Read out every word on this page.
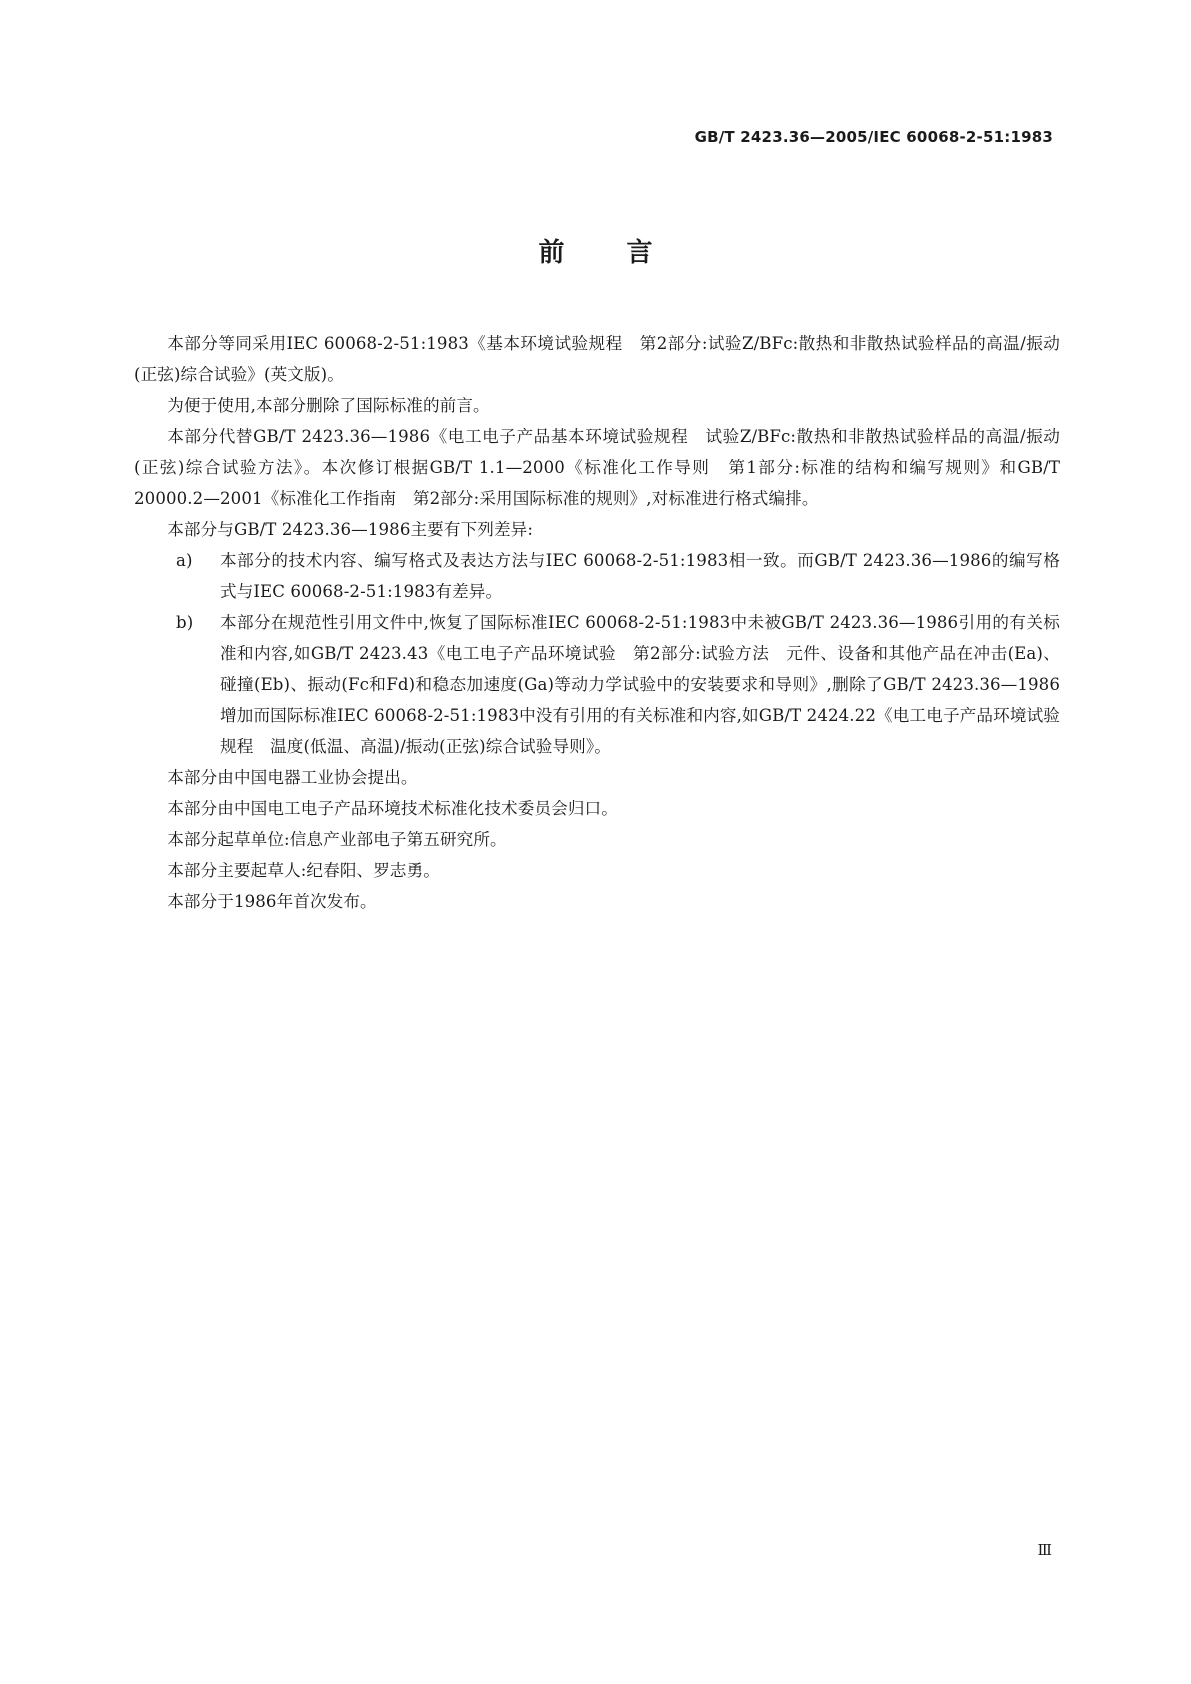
GB/T 2423.36—2005/IEC 60068-2-51:1983
前言

本部分等同采用IEC 60068-2-51:1983《基本环境试验规程　第2部分:试验Z/BFc:散热和非散热试验样品的高温/振动(正弦)综合试验》(英文版)。

为便于使用,本部分删除了国际标准的前言。

本部分代替GB/T 2423.36—1986《电工电子产品基本环境试验规程　试验Z/BFc:散热和非散热试验样品的高温/振动(正弦)综合试验方法》。本次修订根据GB/T 1.1—2000《标准化工作导则　第1部分:标准的结构和编写规则》和GB/T 20000.2—2001《标准化工作指南　第2部分:采用国际标准的规则》,对标准进行格式编排。

本部分与GB/T 2423.36—1986主要有下列差异:

a)	本部分的技术内容、编写格式及表达方法与IEC 60068-2-51:1983相一致。而GB/T 2423.36—1986的编写格式与IEC 60068-2-51:1983有差异。
b)	本部分在规范性引用文件中,恢复了国际标准IEC 60068-2-51:1983中未被GB/T 2423.36—1986引用的有关标准和内容,如GB/T 2423.43《电工电子产品环境试验　第2部分:试验方法　元件、设备和其他产品在冲击(Ea)、碰撞(Eb)、振动(Fc和Fd)和稳态加速度(Ga)等动力学试验中的安装要求和导则》,删除了GB/T 2423.36—1986增加而国际标准IEC 60068-2-51:1983中没有引用的有关标准和内容,如GB/T 2424.22《电工电子产品环境试验规程　温度(低温、高温)/振动(正弦)综合试验导则》。

本部分由中国电器工业协会提出。

本部分由中国电工电子产品环境技术标准化技术委员会归口。

本部分起草单位:信息产业部电子第五研究所。

本部分主要起草人:纪春阳、罗志勇。

本部分于1986年首次发布。

Ⅲ
